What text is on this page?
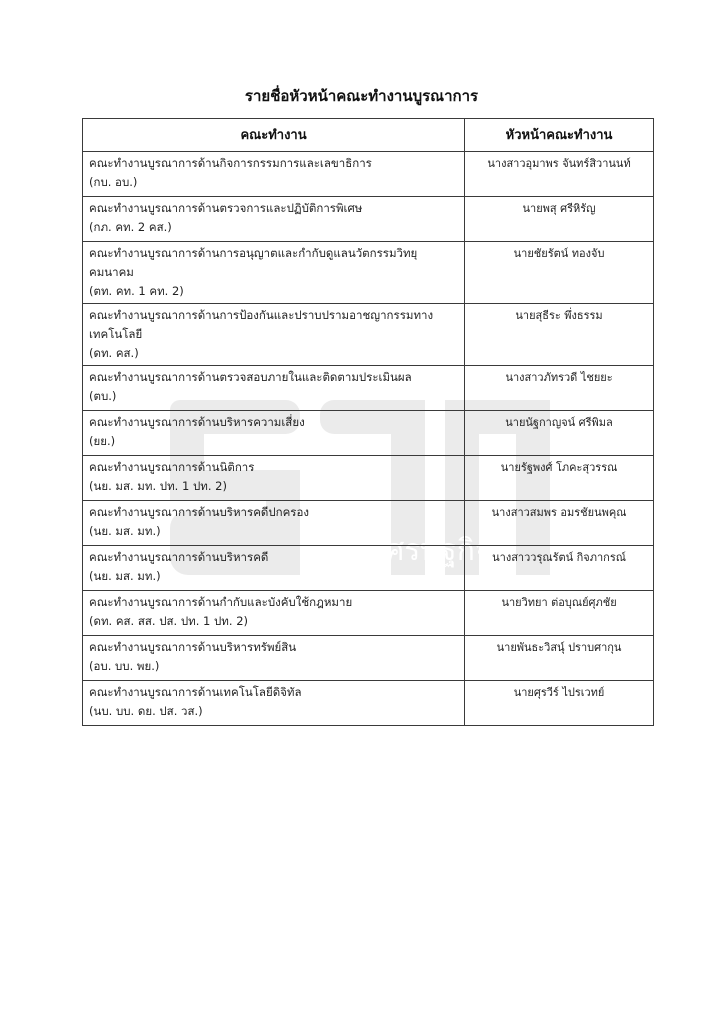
เศรษฐกิจ
รายชื่อหัวหน้าคณะทำงานบูรณาการ
คณะทำงาน	หัวหน้าคณะทำงาน

คณะทำงานบูรณาการด้านกิจการกรรมการและเลขาธิการ
(กบ. อบ.)	นางสาวอุมาพร จันทร์สิวานนท์

คณะทำงานบูรณาการด้านตรวจการและปฏิบัติการพิเศษ
(กภ. คท. 2 คส.)	นายพสุ ศรีหิรัญ

คณะทำงานบูรณาการด้านการอนุญาตและกำกับดูแลนวัตกรรมวิทยุคมนาคม
(ตท. คท. 1 คท. 2)	นายชัยรัตน์ ทองจับ

คณะทำงานบูรณาการด้านการป้องกันและปราบปรามอาชญากรรมทางเทคโนโลยี
(ดท. คส.)	นายสุธีระ พึ่งธรรม

คณะทำงานบูรณาการด้านตรวจสอบภายในและติดตามประเมินผล
(ตบ.)	นางสาวภัทรวดี ไชยยะ

คณะทำงานบูรณาการด้านบริหารความเสี่ยง
(ยย.)	นายนัฐกาญจน์ ศรีพิมล

คณะทำงานบูรณาการด้านนิติการ
(นย. มส. มท. ปท. 1 ปท. 2)	นายรัฐพงศ์ โภคะสุวรรณ

คณะทำงานบูรณาการด้านบริหารคดีปกครอง
(นย. มส. มท.)	นางสาวสมพร อมรชัยนพคุณ

คณะทำงานบูรณาการด้านบริหารคดี
(นย. มส. มท.)	นางสาววรุณรัตน์ กิจภากรณ์

คณะทำงานบูรณาการด้านกำกับและบังคับใช้กฎหมาย
(ดท. คส. สส. ปส. ปท. 1 ปท. 2)	นายวิทยา ต่อบุณย์ศุภชัย

คณะทำงานบูรณาการด้านบริหารทรัพย์สิน
(อบ. บบ. พย.)	นายพันธะวิสนุ์ ปราบศากุน

คณะทำงานบูรณาการด้านเทคโนโลยีดิจิทัล
(นบ. บบ. ดย. ปส. วส.)	นายศุรวีร์ ไปรเวทย์
